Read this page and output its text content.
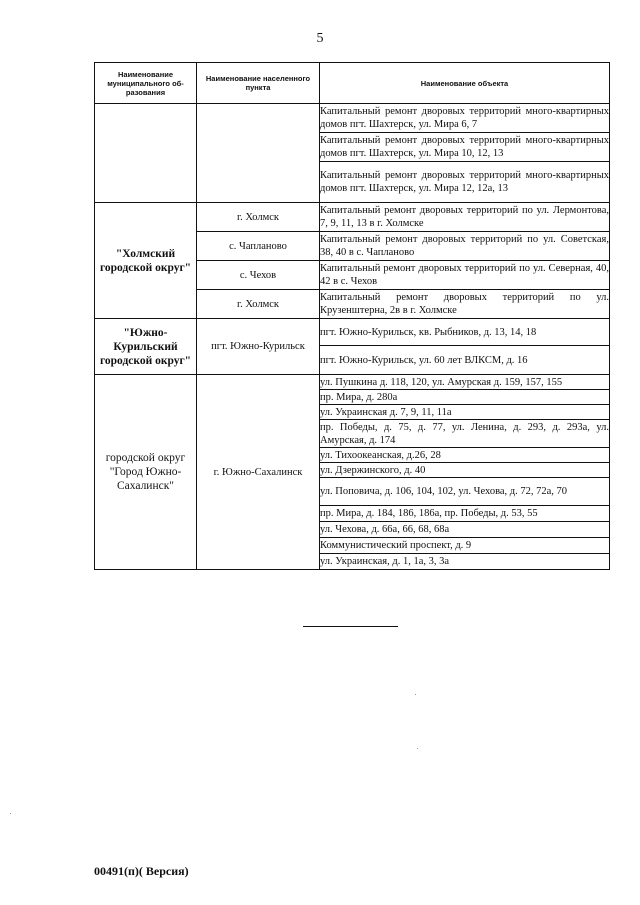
5
Наименование муниципального об-разования	Наименование населенного пункта	Наименование объекта
		Капитальный ремонт дворовых территорий много-квартирных домов пгт. Шахтерск, ул. Мира 6, 7
		Капитальный ремонт дворовых территорий много-квартирных домов пгт. Шахтерск, ул. Мира 10, 12, 13
		Капитальный ремонт дворовых территорий много-квартирных домов пгт. Шахтерск, ул. Мира 12, 12а, 13
"Холмский городской округ"	г. Холмск	Капитальный ремонт дворовых территорий по ул. Лермонтова, 7, 9, 11, 13 в г. Холмске
	с. Чапланово	Капитальный ремонт дворовых территорий по ул. Советская, 38, 40 в с. Чапланово
	с. Чехов	Капитальный ремонт дворовых территорий по ул. Северная, 40, 42 в с. Чехов
	г. Холмск	Капитальный ремонт дворовых территорий по ул. Крузенштерна, 2в в г. Холмске
"Южно-Курильский городской округ"	пгт. Южно-Курильск	пгт. Южно-Курильск, кв. Рыбников, д. 13, 14, 18
		пгт. Южно-Курильск, ул. 60 лет ВЛКСМ, д. 16
городской округ "Город Южно-Сахалинск"	г. Южно-Сахалинск	ул. Пушкина д. 118, 120, ул. Амурская д. 159, 157, 155
		пр. Мира, д. 280а
		ул. Украинская д. 7, 9, 11, 11а
		пр. Победы, д. 75, д. 77, ул. Ленина, д. 293, д. 293а, ул. Амурская, д. 174
		ул. Тихоокеанская, д.26, 28
		ул. Дзержинского, д. 40
		ул. Поповича, д. 106, 104, 102, ул. Чехова, д. 72, 72а, 70
		пр. Мира, д. 184, 186, 186а, пр. Победы, д. 53, 55
		ул. Чехова, д. 66а, 66, 68, 68а
		Коммунистический проспект, д. 9
		ул. Украинская, д. 1, 1а, 3, 3а
00491(п)( Версия)
